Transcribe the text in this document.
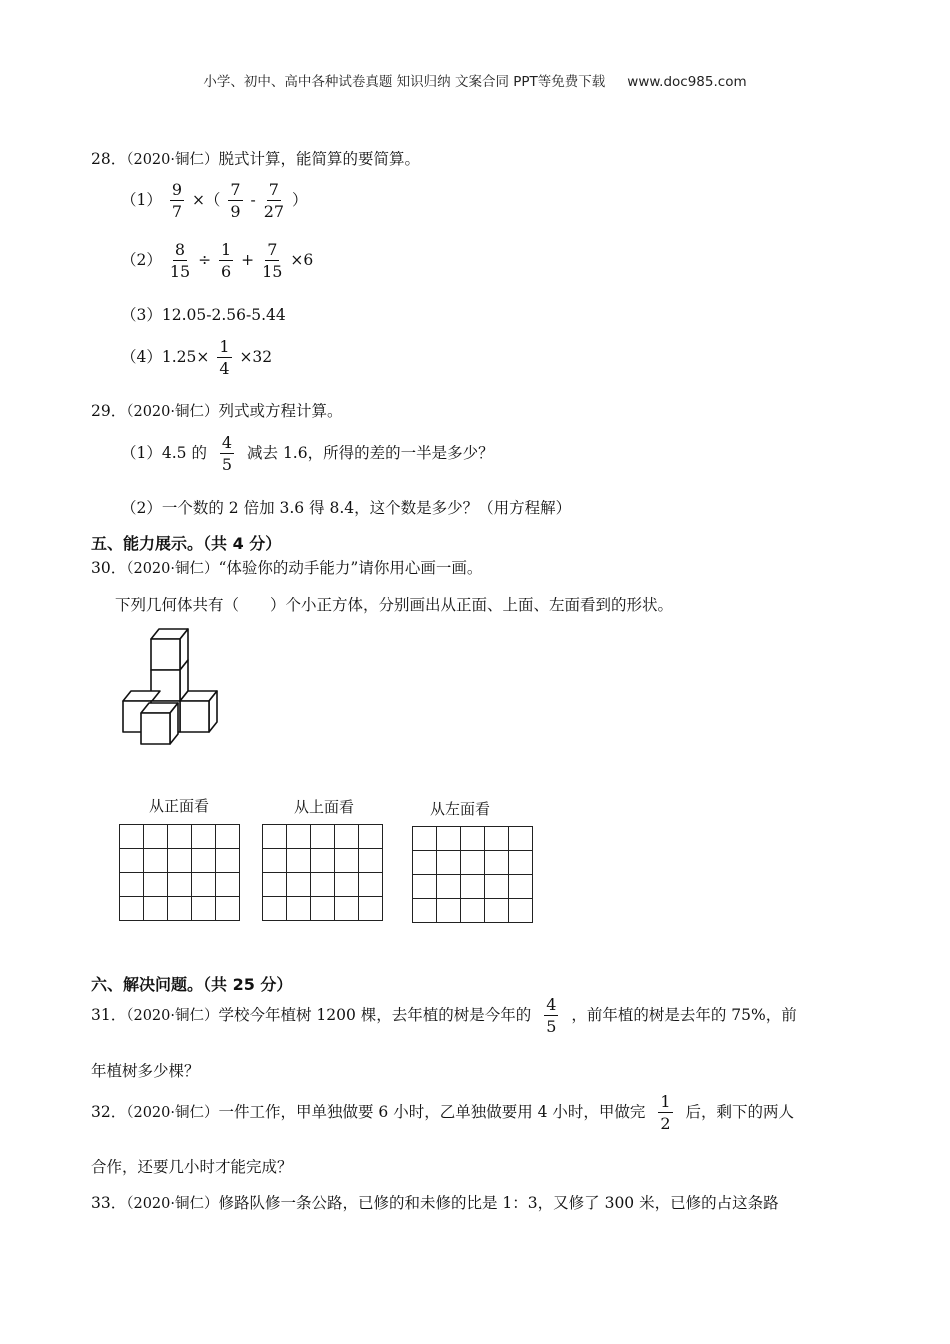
小学、初中、高中各种试卷真题 知识归纳 文案合同 PPT等免费下载 www.doc985.com
28．（2020·铜仁）脱式计算，能简算的要简算。
$(1) \frac{9}{7}$ ×（ $\frac{7}{9} - \frac{7}{27}$ ）
$(2) \frac{8}{15} \div \frac{1}{6} + \frac{7}{15} \times 6$
（3）12.05-2.56-5.44
$(4)1.25\times \frac{1}{4} \times 32$
29．（2020·铜仁）列式或方程计算。
（1）4.5 的 $\frac{4}{5}$ 减去 1.6，所得的差的一半是多少？
（2）一个数的 2 倍加 3.6 得 8.4，这个数是多少？（用方程解）
五、能力展示。（共 4 分）
30．（2020·铜仁）“体验你的动手能力”请你用心画一画。
下列几何体共有（　　）个小正方体，分别画出从正面、上面、左面看到的形状。
从正面看	从上面看	从左面看

六、解决问题。（共 25 分）
31．（2020·铜仁）学校今年植树 1200 棵，去年植的树是今年的 $\frac{4}{5}$ ，前年植的树是去年的 75%，前
年植树多少棵？
32．（2020·铜仁）一件工作，甲单独做要 6 小时，乙单独做要用 4 小时，甲做完 $\frac{1}{2}$ 后，剩下的两人
合作，还要几小时才能完成？
33．（2020·铜仁）修路队修一条公路，已修的和未修的比是 1：3，又修了 300 米，已修的占这条路
